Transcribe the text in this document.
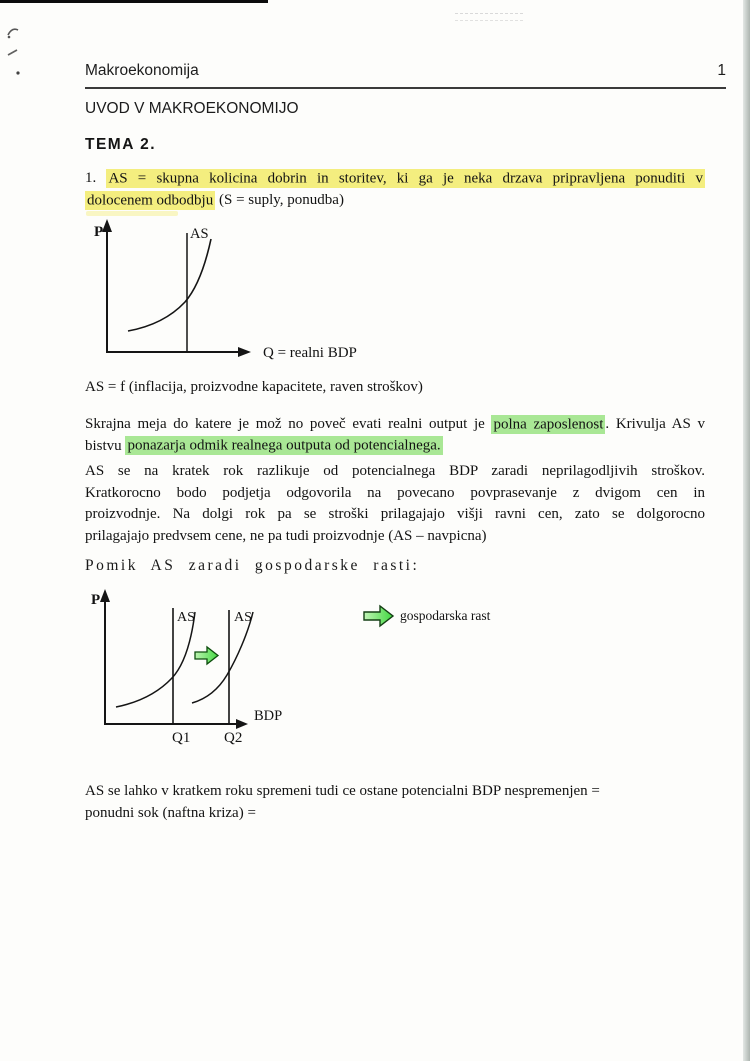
Makroekonomija	1
UVOD V MAKROEKONOMIJO
TEMA 2.
1. AS = skupna kolicina dobrin in storitev, ki ga je neka drzava pripravljena ponuditi v
dolocenem odbodbju (S = suply, ponudba)
P	AS
Q = realni BDP
AS = f (inflacija, proizvodne kapacitete, raven stroškov)
Skrajna meja do katere je mož no poveč evati realni output je polna zaposlenost . Krivulja AS v
bistvu ponazarja odmik realnega outputa od potencialnega.
AS se na kratek rok razlikuje od potencialnega BDP zaradi neprilagodljivih stroškov.
Kratkorocno bodo podjetja odgovorila na povecano povprasevanje z dvigom cen in
proizvodnje. Na dolgi rok pa se stroški prilagajajo višji ravni cen, zato se dolgorocno
prilagajajo predvsem cene, ne pa tudi proizvodnje (AS – navpicna)
Pomik AS zaradi gospodarske rasti:
P
AS	AS
BDP
Q1 Q2
gospodarska rast
AS se lahko v kratkem roku spremeni tudi ce ostane potencialni BDP nespremenjen =
ponudni sok (naftna kriza) =
